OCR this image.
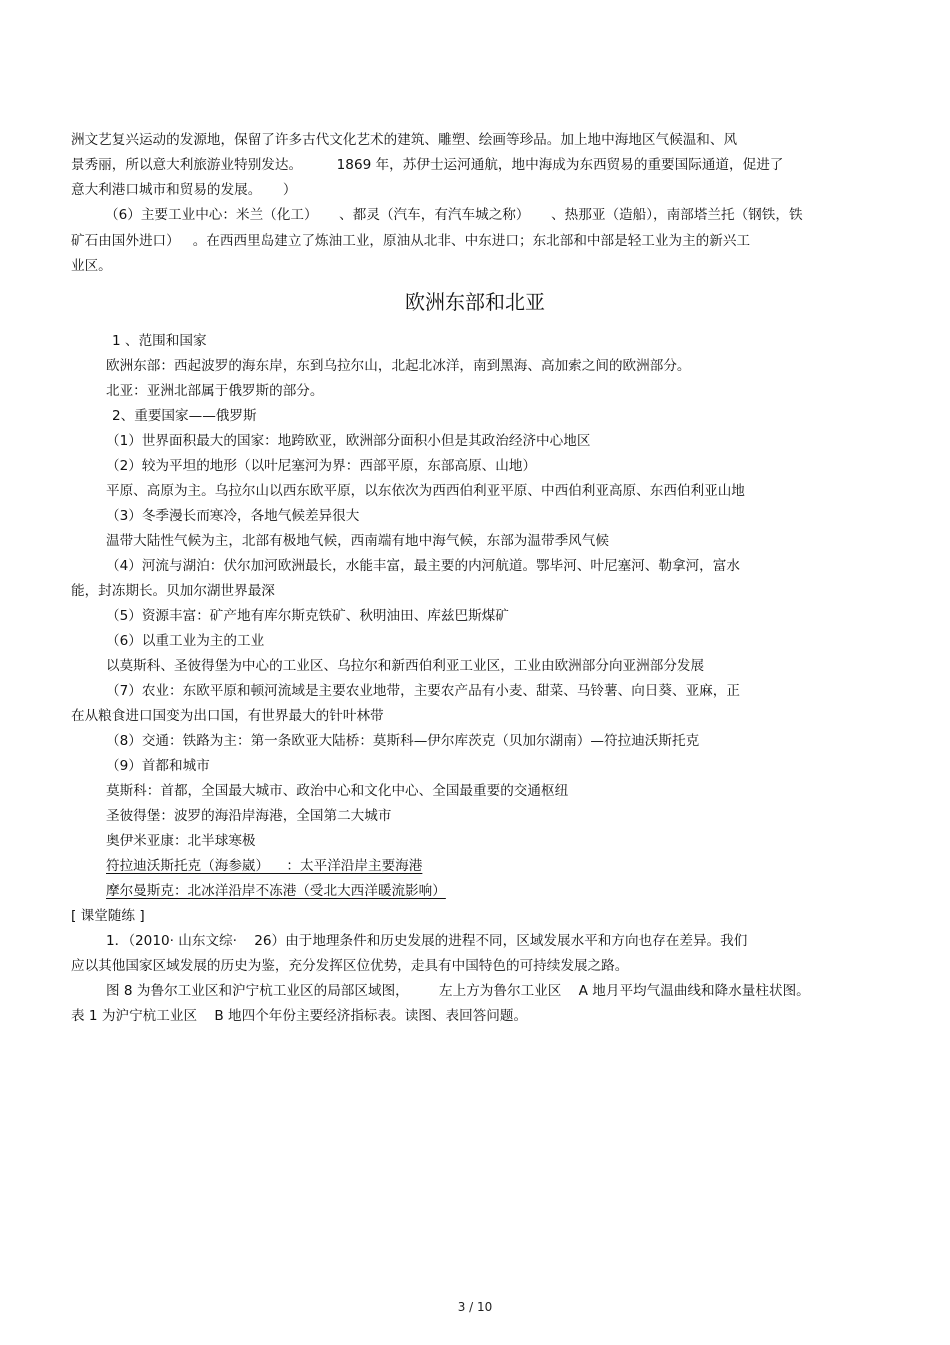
洲文艺复兴运动的发源地，保留了许多古代文化艺术的建筑、雕塑、绘画等珍品。加上地中海地区气候温和、风
景秀丽，所以意大利旅游业特别发达。        1869 年，苏伊士运河通航，地中海成为东西贸易的重要国际通道，促进了
意大利港口城市和贸易的发展。     ）
（6）主要工业中心：米兰（化工）     、都灵（汽车，有汽车城之称）     、热那亚（造船），南部塔兰托（钢铁，铁
矿石由国外进口）   。在西西里岛建立了炼油工业，原油从北非、中东进口；东北部和中部是轻工业为主的新兴工
业区。
欧洲东部和北亚
1 、范围和国家
欧洲东部：西起波罗的海东岸，东到乌拉尔山，北起北冰洋，南到黑海、高加索之间的欧洲部分。
北亚：亚洲北部属于俄罗斯的部分。
2、重要国家——俄罗斯
（1）世界面积最大的国家：地跨欧亚，欧洲部分面积小但是其政治经济中心地区
（2）较为平坦的地形（以叶尼塞河为界：西部平原，东部高原、山地）
平原、高原为主。乌拉尔山以西东欧平原，以东依次为西西伯利亚平原、中西伯利亚高原、东西伯利亚山地
（3）冬季漫长而寒冷，各地气候差异很大
温带大陆性气候为主，北部有极地气候，西南端有地中海气候，东部为温带季风气候
（4）河流与湖泊：伏尔加河欧洲最长，水能丰富，最主要的内河航道。鄂毕河、叶尼塞河、勒拿河，富水
能，封冻期长。贝加尔湖世界最深
（5）资源丰富：矿产地有库尔斯克铁矿、秋明油田、库兹巴斯煤矿
（6）以重工业为主的工业
以莫斯科、圣彼得堡为中心的工业区、乌拉尔和新西伯利亚工业区，工业由欧洲部分向亚洲部分发展
（7）农业：东欧平原和顿河流域是主要农业地带，主要农产品有小麦、甜菜、马铃薯、向日葵、亚麻，正
在从粮食进口国变为出口国，有世界最大的针叶林带
（8）交通：铁路为主：第一条欧亚大陆桥：莫斯科—伊尔库茨克（贝加尔湖南）—符拉迪沃斯托克
（9）首都和城市
莫斯科：首都，全国最大城市、政治中心和文化中心、全国最重要的交通枢纽
圣彼得堡：波罗的海沿岸海港，全国第二大城市
奥伊米亚康：北半球寒极
符拉迪沃斯托克（海参崴）    ：太平洋沿岸主要海港
摩尔曼斯克：北冰洋沿岸不冻港（受北大西洋暖流影响）
[ 课堂随练 ]
1．（2010· 山东文综·    26）由于地理条件和历史发展的进程不同，区域发展水平和方向也存在差异。我们
应以其他国家区域发展的历史为鉴，充分发挥区位优势，走具有中国特色的可持续发展之路。
图 8 为鲁尔工业区和沪宁杭工业区的局部区域图，       左上方为鲁尔工业区    A 地月平均气温曲线和降水量柱状图。
表 1 为沪宁杭工业区    B 地四个年份主要经济指标表。读图、表回答问题。
3 / 10
